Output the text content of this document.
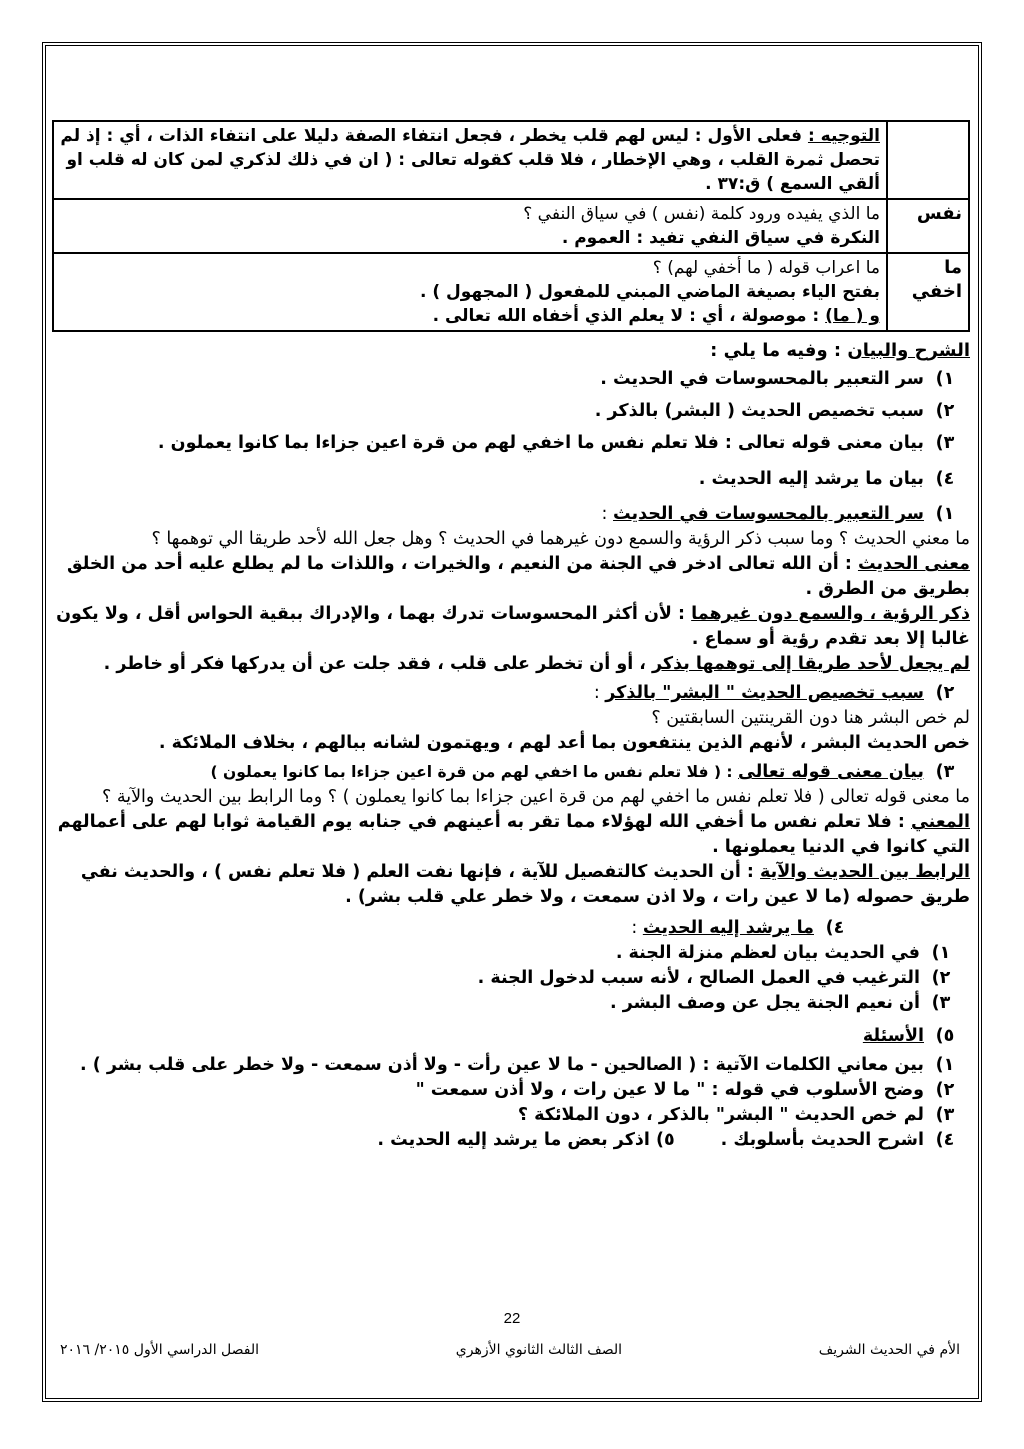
	التوجيه : فعلى الأول : ليس لهم قلب يخطر ، فجعل انتفاء الصفة دليلا على انتفاء الذات ، أي : إذ لم
تحصل ثمرة القلب ، وهي الإخطار ، فلا قلب كقوله تعالى : ( ان في ذلك لذكري لمن كان له قلب او
ألقي السمع ) ق:٣٧ .

نفس	ما الذي يفيده ورود كلمة (نفس ) في سياق النفي ؟
النكرة في سياق النفي تفيد : العموم .

ما اخفي	ما اعراب قوله ( ما أخفي لهم) ؟
بفتح الياء بصيغة الماضي المبني للمفعول ( المجهول ) .
و ( ما) : موصولة ، أي : لا يعلم الذي أخفاه الله تعالى .
الشرح والبيان : وفيه ما يلي :
١)
سر التعبير بالمحسوسات في الحديث .
٢)
سبب تخصيص الحديث ( البشر) بالذكر .
٣)
بيان معنى قوله تعالى : فلا تعلم نفس ما اخفي لهم من قرة اعين جزاءا بما كانوا يعملون .
٤)
بيان ما يرشد إليه الحديث .
١)
سر التعبير بالمحسوسات في الحديث :

ما معني الحديث ؟ وما سبب ذكر الرؤية والسمع دون غيرهما في الحديث ؟ وهل جعل الله لأحد طريقا الي توهمها ؟

معنى الحديث : أن الله تعالى ادخر في الجنة من النعيم ، والخيرات ، واللذات ما لم يطلع عليه أحد من الخلق بطريق من الطرق .

ذكر الرؤية ، والسمع دون غيرهما : لأن أكثر المحسوسات تدرك بهما ، والإدراك ببقية الحواس أقل ، ولا يكون غالبا إلا بعد تقدم رؤية أو سماع .

لم يجعل لأحد طريقا إلى توهمها بذكر ، أو أن تخطر على قلب ، فقد جلت عن أن يدركها فكر أو خاطر .

٢)
سبب تخصيص الحديث " البشر" بالذكر :

لم خص البشر هنا دون القرينتين السابقتين ؟

خص الحديث البشر ، لأنهم الذين ينتفعون بما أعد لهم ، ويهتمون لشانه ببالهم ، بخلاف الملائكة .

٣)
بيان معنى قوله تعالى : ( فلا تعلم نفس ما اخفي لهم من قرة اعين جزاءا بما كانوا يعملون )

ما معنى قوله تعالى ( فلا تعلم نفس ما اخفي لهم من قرة اعين جزاءا بما كانوا يعملون ) ؟ وما الرابط بين الحديث والآية ؟

المعني : فلا تعلم نفس ما أخفي الله لهؤلاء مما تقر به أعينهم في جنابه يوم القيامة ثوابا لهم على أعمالهم التي كانوا في الدنيا يعملونها .

الرابط بين الحديث والآية : أن الحديث كالتفصيل للآية ، فإنها نفت العلم ( فلا تعلم نفس ) ، والحديث نفي طريق حصوله (ما لا عين رات ، ولا اذن سمعت ، ولا خطر علي قلب بشر) .

٤)
ما يرشد إليه الحديث :
١)
في الحديث بيان لعظم منزلة الجنة .
٢)
الترغيب في العمل الصالح ، لأنه سبب لدخول الجنة .
٣)
أن نعيم الجنة يجل عن وصف البشر .
٥)
الأسئلة
١)
بين معاني الكلمات الآتية : ( الصالحين - ما لا عين رأت - ولا أذن سمعت - ولا خطر على قلب بشر ) .
٢)
وضح الأسلوب في قوله : " ما لا عين رات ، ولا أذن سمعت "
٣)
لم خص الحديث " البشر" بالذكر ، دون الملائكة ؟
٤)
اشرح الحديث بأسلوبك .
٥) اذكر بعض ما يرشد إليه الحديث .
22
الأم في الحديث الشريف
الصف الثالث الثانوي الأزهري
الفصل الدراسي الأول ٢٠١٥/ ٢٠١٦
